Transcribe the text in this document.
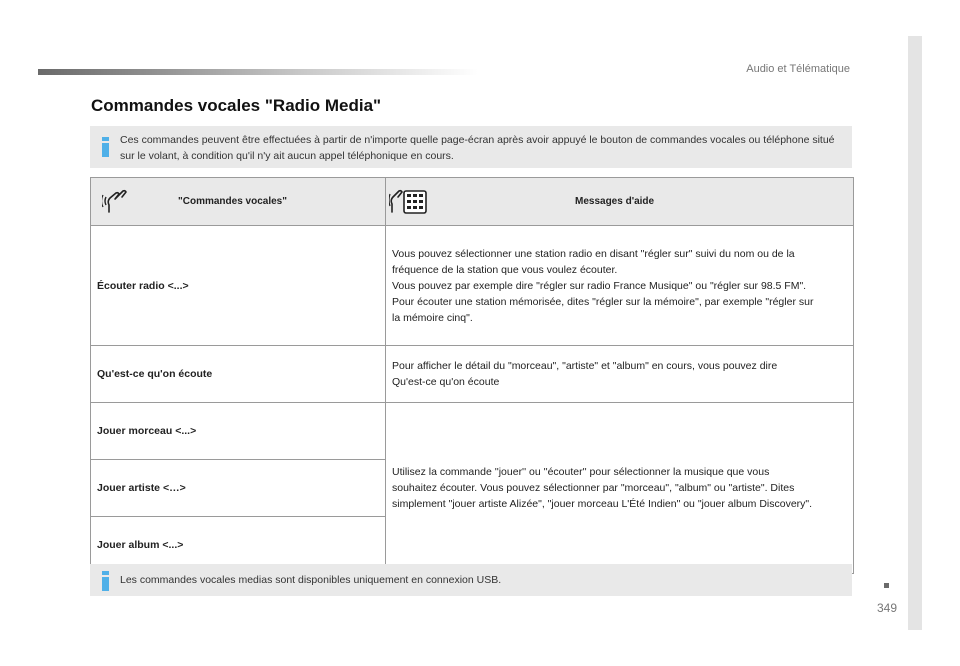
Audio et Télématique
349
Commandes vocales "Radio Media"
Ces commandes peuvent être effectuées à partir de n'importe quelle page-écran après avoir appuyé le bouton de commandes vocales ou téléphone situé sur le volant, à condition qu'il n'y ait aucun appel téléphonique en cours.
"Commandes vocales"	Messages d'aide

Écouter radio <...>	Vous pouvez sélectionner une station radio en disant "régler sur" suivi du nom ou de la
fréquence de la station que vous voulez écouter.
Vous pouvez par exemple dire "régler sur radio France Musique" ou "régler sur 98.5 FM".
Pour écouter une station mémorisée, dites "régler sur la mémoire", par exemple "régler sur
la mémoire cinq".

Qu'est-ce qu'on écoute	Pour afficher le détail du "morceau", "artiste" et "album" en cours, vous pouvez dire
Qu'est-ce qu'on écoute

Jouer morceau <...>	Utilisez la commande ''jouer'' ou ''écouter'' pour sélectionner la musique que vous
souhaitez écouter. Vous pouvez sélectionner par "morceau", "album" ou "artiste". Dites
simplement "jouer artiste Alizée", "jouer morceau L'Été Indien" ou "jouer album Discovery".

Jouer artiste <…>	
Jouer album <...>	
Les commandes vocales medias sont disponibles uniquement en connexion USB.
